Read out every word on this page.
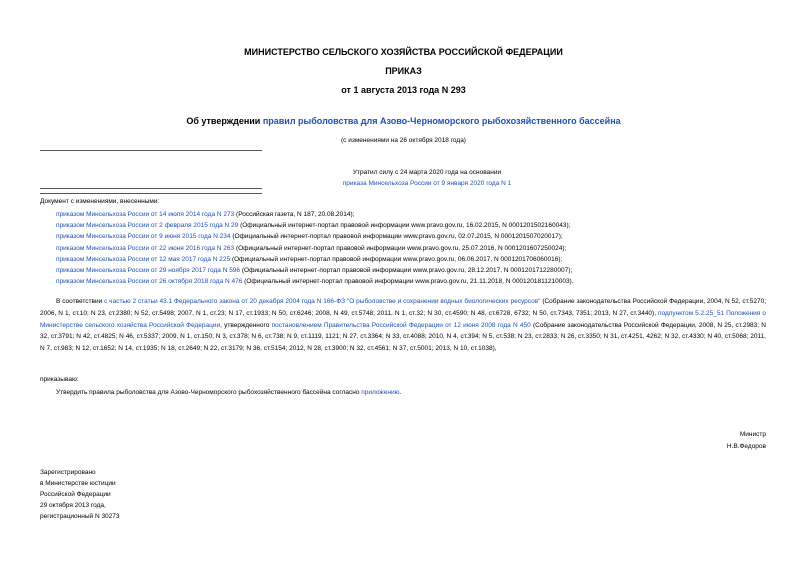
МИНИСТЕРСТВО СЕЛЬСКОГО ХОЗЯЙСТВА РОССИЙСКОЙ ФЕДЕРАЦИИ
ПРИКАЗ
от 1 августа 2013 года N 293
Об утверждении правил рыболовства для Азово-Черноморского рыбохозяйственного бассейна
(с изменениями на 26 октября 2018 года)
Утратил силу с 24 марта 2020 года на основании
приказа Минсельхоза России от 9 января 2020 года N 1
Документ с изменениями, внесенными:
приказом Минсельхоза России от 14 июля 2014 года N 273 (Российская газета, N 187, 20.08.2014);
приказом Минсельхоза России от 2 февраля 2015 года N 29 (Официальный интернет-портал правовой информации www.pravo.gov.ru, 16.02.2015, N 0001201502160043);
приказом Минсельхоза России от 9 июня 2015 года N 234 (Официальный интернет-портал правовой информации www.pravo.gov.ru, 02.07.2015, N 0001201507020017);
приказом Минсельхоза России от 22 июня 2016 года N 263 (Официальный интернет-портал правовой информации www.pravo.gov.ru, 25.07.2016, N 0001201607250024);
приказом Минсельхоза России от 12 мая 2017 года N 225 (Официальный интернет-портал правовой информации www.pravo.gov.ru, 06.06.2017, N 0001201706060016);
приказом Минсельхоза России от 29 ноября 2017 года N 596 (Официальный интернет-портал правовой информации www.pravo.gov.ru, 28.12.2017, N 0001201712280007);
приказом Минсельхоза России от 26 октября 2018 года N 476 (Официальный интернет-портал правовой информации www.pravo.gov.ru, 21.11.2018, N 0001201811210003).

В соответствии с частью 2 статьи 43.1 Федерального закона от 20 декабря 2004 года N 166-ФЗ "О рыболовстве и сохранении водных биологических ресурсов" (Собрание законодательства Российской Федерации, 2004, N 52, ст.5270; 2006, N 1, ст.10; N 23, ст.2380; N 52, ст.5498; 2007, N 1, ст.23; N 17, ст.1933; N 50, ст.6246; 2008, N 49, ст.5748; 2011, N 1, ст.32; N 30, ст.4590; N 48, ст.6728, 6732; N 50, ст.7343, 7351; 2013, N 27, ст.3440), подпунктом 5.2.25_51 Положения о Министерстве сельского хозяйства Российской Федерации, утвержденного постановлением Правительства Российской Федерации от 12 июня 2008 года N 450 (Собрание законодательства Российской Федерации, 2008, N 25, ст.2983; N 32, ст.3791; N 42, ст.4825; N 46, ст.5337; 2009, N 1, ст.150; N 3, ст.378; N 6, ст.738; N 9, ст.1119, 1121; N 27, ст.3364; N 33, ст.4088; 2010, N 4, ст.394; N 5, ст.538; N 23, ст.2833; N 26, ст.3350; N 31, ст.4251, 4262; N 32, ст.4330; N 40, ст.5068; 2011, N 7, ст.983; N 12, ст.1652; N 14, ст.1935; N 18, ст.2649; N 22, ст.3179; N 36, ст.5154; 2012, N 28, ст.3900; N 32, ст.4561; N 37, ст.5001; 2013, N 10, ст.1038),

приказываю:
Утвердить правила рыболовства для Азово-Черноморского рыбохозяйственного бассейна согласно приложению.
Министр
Н.В.Федоров
Зарегистрировано
в Министерстве юстиции
Российской Федерации
29 октября 2013 года,
регистрационный N 30273
